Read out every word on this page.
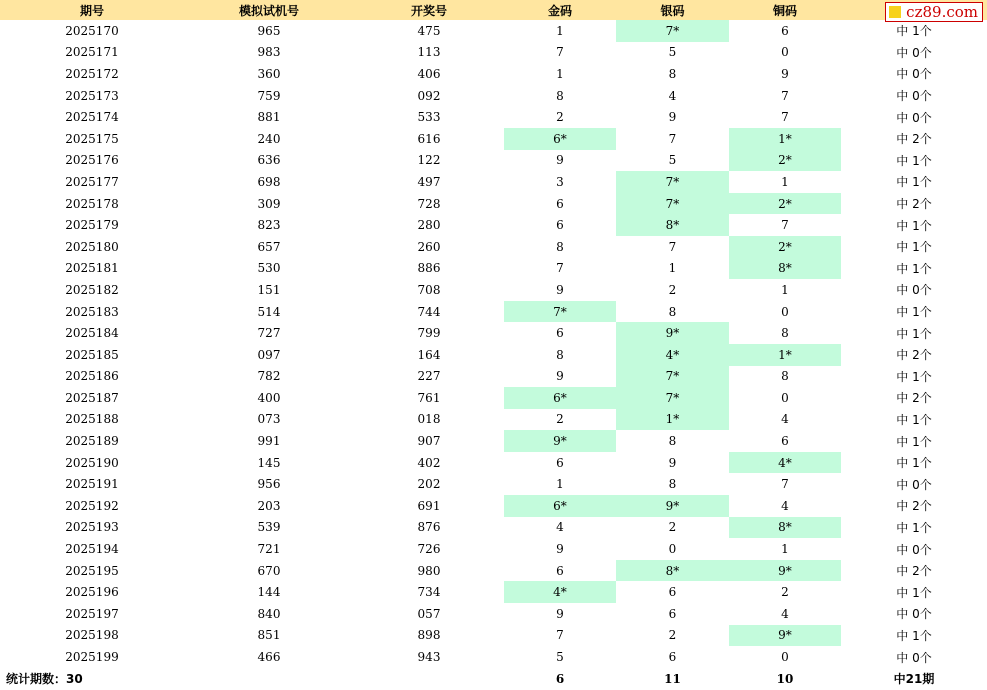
期号	模拟试机号	开奖号	金码	银码	铜码	
2025170	965	475	1	7*	6	中 1个
2025171	983	113	7	5	0	中 0个
2025172	360	406	1	8	9	中 0个
2025173	759	092	8	4	7	中 0个
2025174	881	533	2	9	7	中 0个
2025175	240	616	6*	7	1*	中 2个
2025176	636	122	9	5	2*	中 1个
2025177	698	497	3	7*	1	中 1个
2025178	309	728	6	7*	2*	中 2个
2025179	823	280	6	8*	7	中 1个
2025180	657	260	8	7	2*	中 1个
2025181	530	886	7	1	8*	中 1个
2025182	151	708	9	2	1	中 0个
2025183	514	744	7*	8	0	中 1个
2025184	727	799	6	9*	8	中 1个
2025185	097	164	8	4*	1*	中 2个
2025186	782	227	9	7*	8	中 1个
2025187	400	761	6*	7*	0	中 2个
2025188	073	018	2	1*	4	中 1个
2025189	991	907	9*	8	6	中 1个
2025190	145	402	6	9	4*	中 1个
2025191	956	202	1	8	7	中 0个
2025192	203	691	6*	9*	4	中 2个
2025193	539	876	4	2	8*	中 1个
2025194	721	726	9	0	1	中 0个
2025195	670	980	6	8*	9*	中 2个
2025196	144	734	4*	6	2	中 1个
2025197	840	057	9	6	4	中 0个
2025198	851	898	7	2	9*	中 1个
2025199	466	943	5	6	0	中 0个
统计期数：30			6	11	10	中21期
cz89.com
